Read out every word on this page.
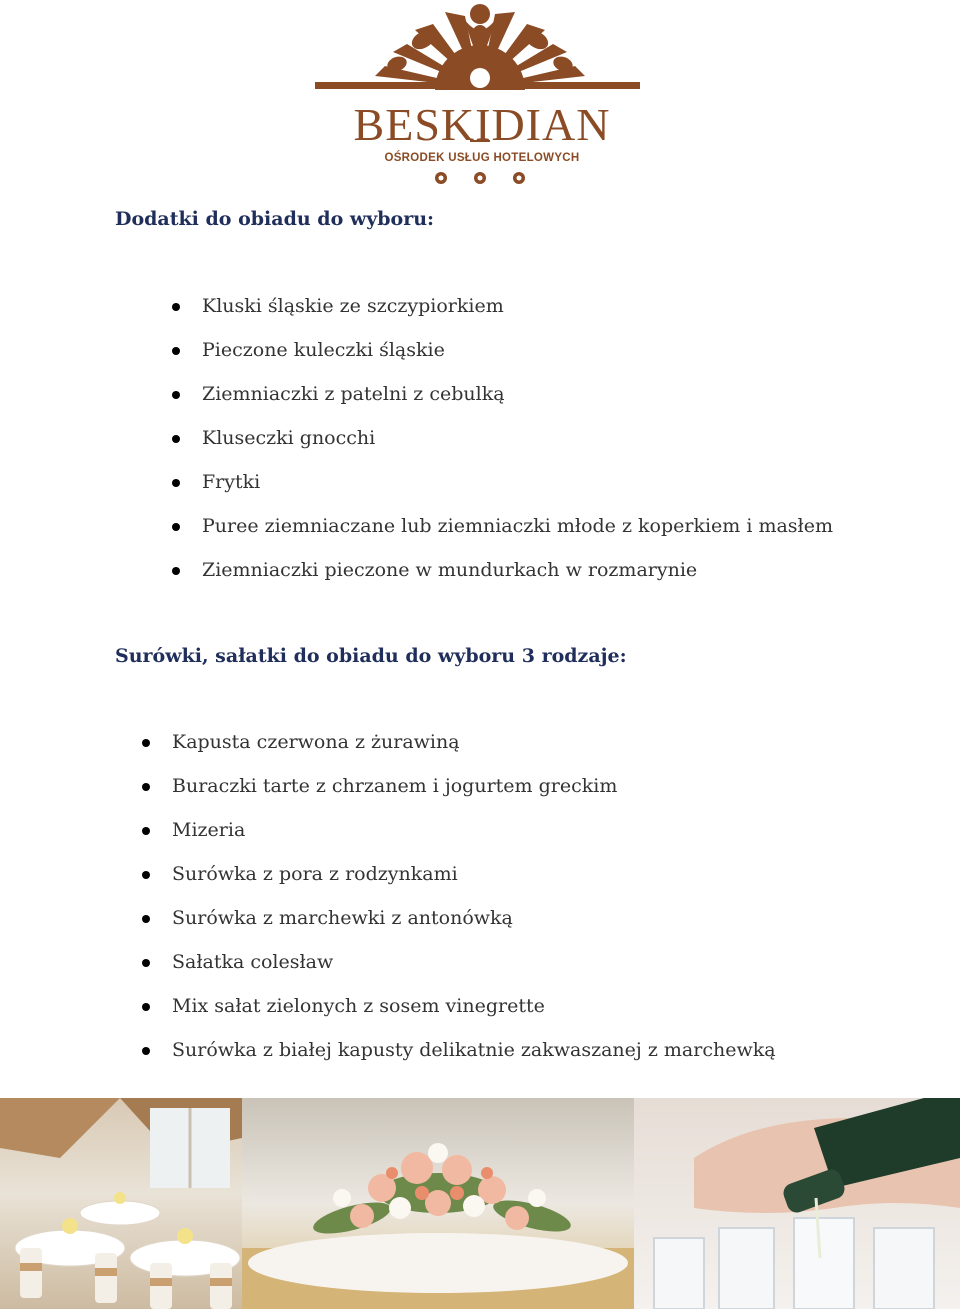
BESKIDIAN
OŚRODEK USŁUG HOTELOWYCH
Dodatki do obiadu do wyboru:
Kluski śląskie ze szczypiorkiem
Pieczone kuleczki śląskie
Ziemniaczki z patelni z cebulką
Kluseczki gnocchi
Frytki
Puree ziemniaczane lub ziemniaczki młode z koperkiem i masłem
Ziemniaczki pieczone w mundurkach w rozmarynie
Surówki, sałatki do obiadu do wyboru 3 rodzaje:
Kapusta czerwona z żurawiną
Buraczki tarte z chrzanem i jogurtem greckim
Mizeria
Surówka z pora z rodzynkami
Surówka z marchewki z antonówką
Sałatka colesław
Mix sałat zielonych z sosem vinegrette
Surówka z białej kapusty delikatnie zakwaszanej z marchewką
